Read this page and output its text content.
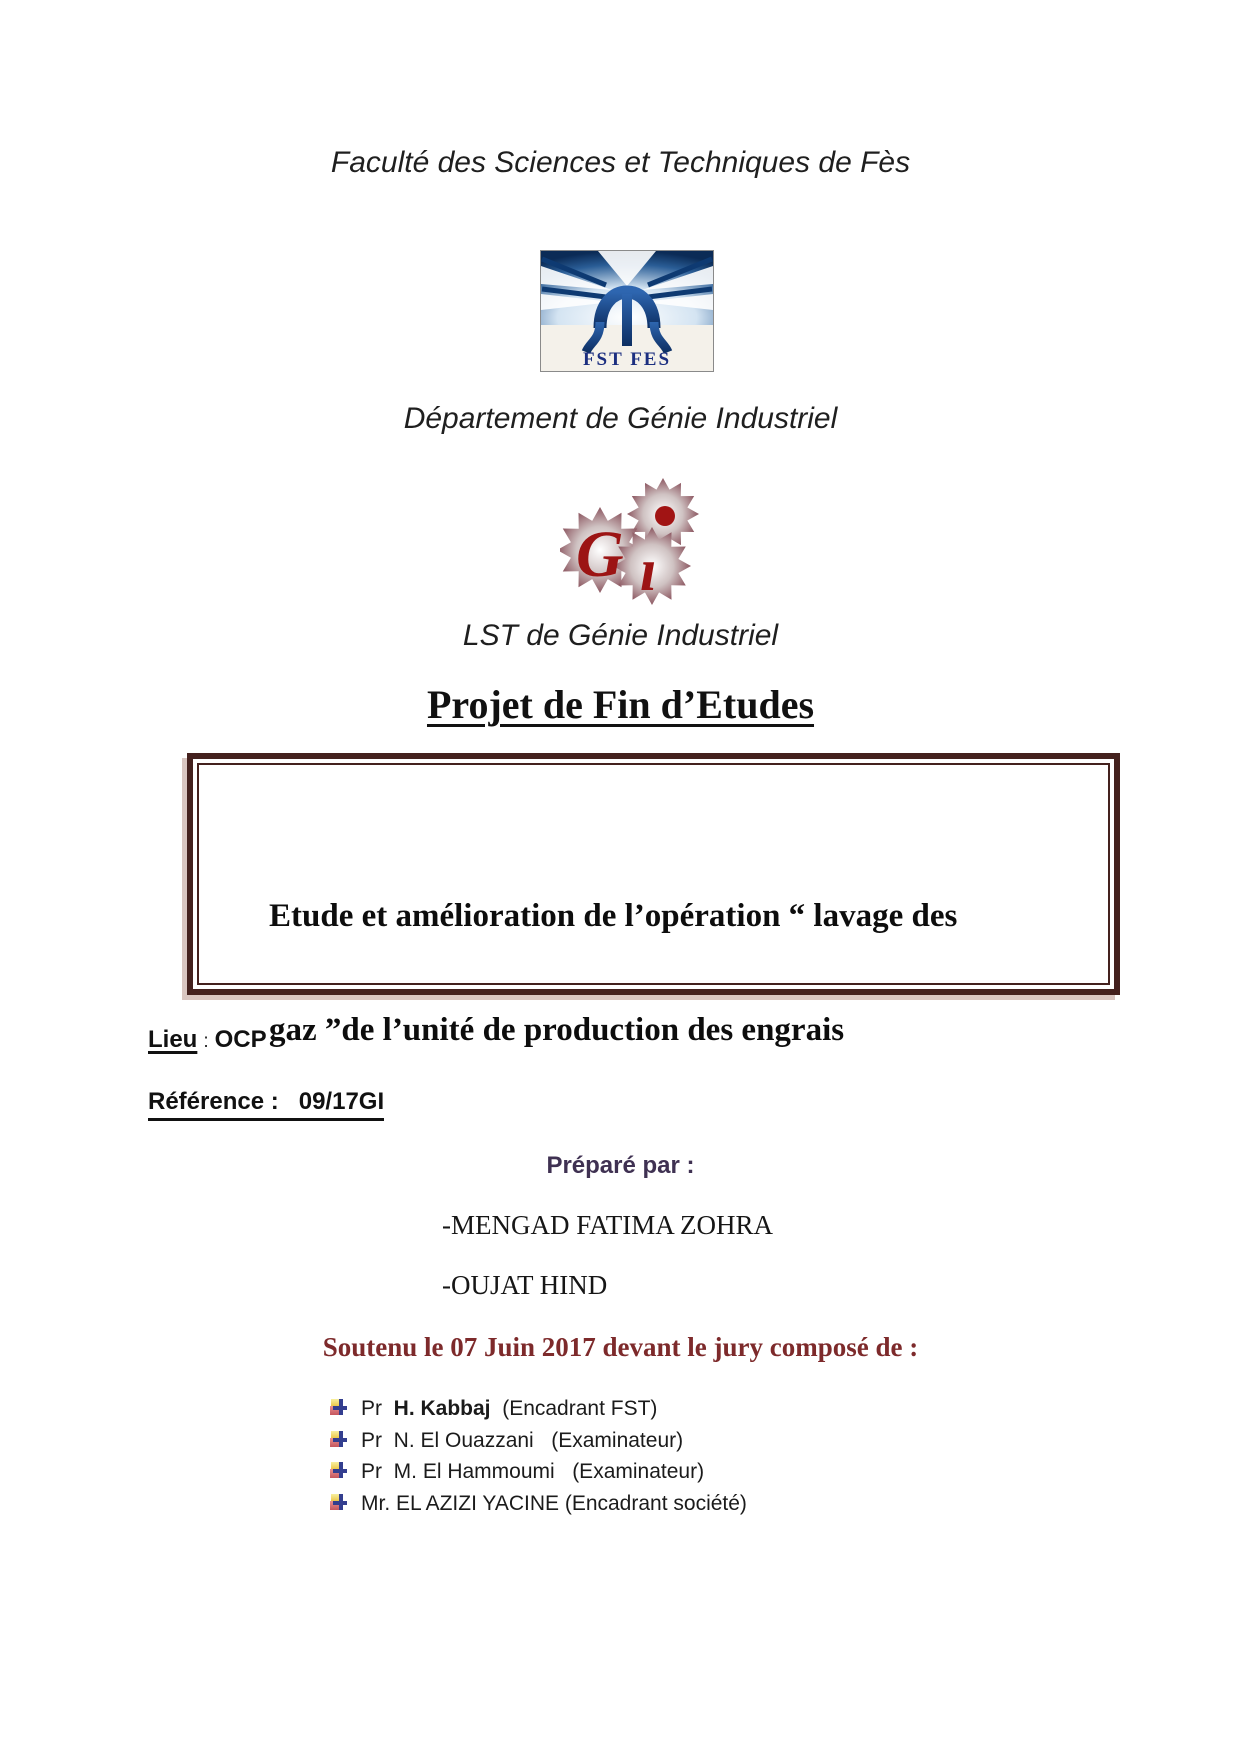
Faculté des Sciences et Techniques de Fès
FST FES
Département de Génie Industriel
G ı
LST de Génie Industriel
Projet de Fin d’Etudes

Etude et amélioration de l’opération “ lavage des

gaz ”de l’unité de production des engrais

Lieu : OCP
Référence : 09/17GI
Préparé par :
-MENGAD FATIMA ZOHRA
-OUJAT HIND
Soutenu le 07 Juin 2017 devant le jury composé de :
Pr  H. Kabbaj  (Encadrant FST)
Pr  N. El Ouazzani   (Examinateur)
Pr  M. El Hammoumi   (Examinateur)
Mr. EL AZIZI YACINE (Encadrant société)
